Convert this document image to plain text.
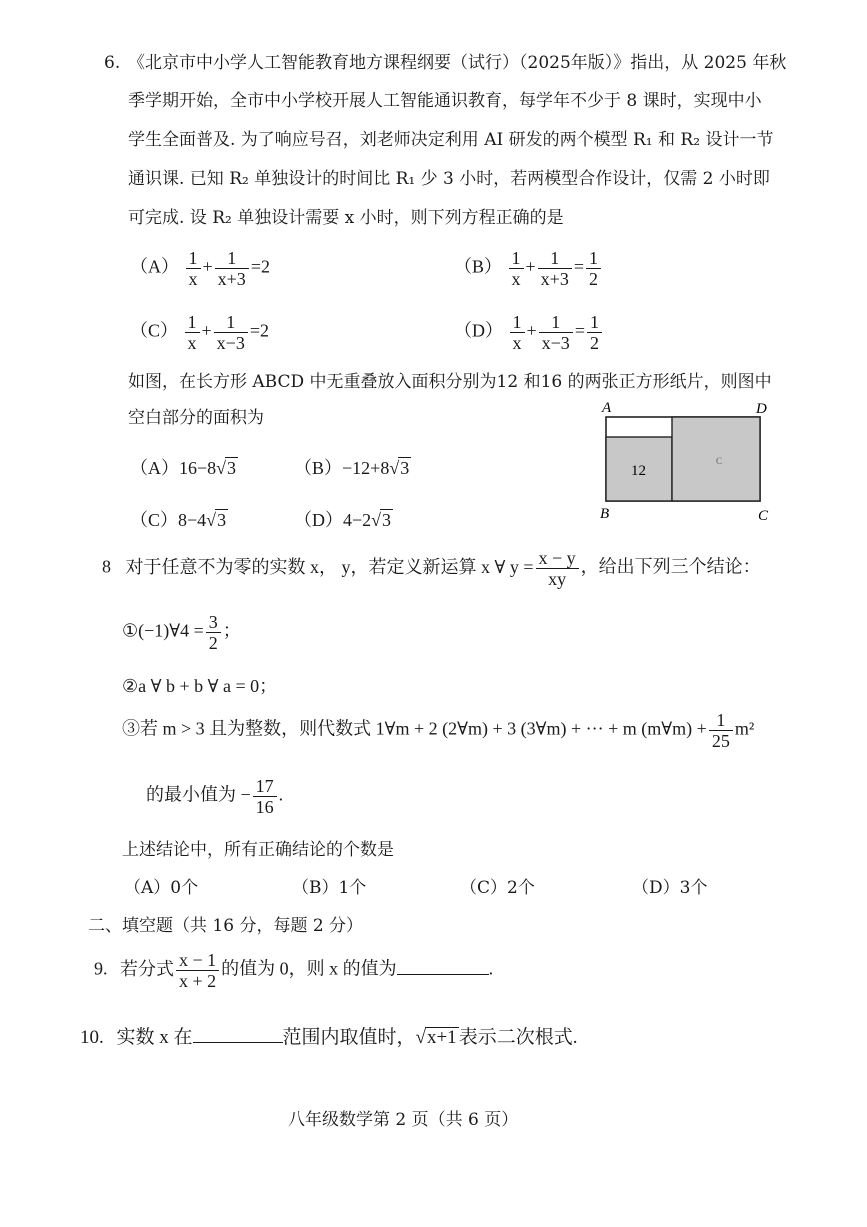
6. 《北京市中小学人工智能教育地方课程纲要（试行）（2025年版）》指出，从 2025 年秋
季学期开始，全市中小学校开展人工智能通识教育，每学年不少于 8 课时，实现中小
学生全面普及. 为了响应号召，刘老师决定利用 AI 研发的两个模型 R₁ 和 R₂ 设计一节
通识课. 已知 R₂ 单独设计的时间比 R₁ 少 3 小时，若两模型合作设计，仅需 2 小时即
可完成. 设 R₂ 单独设计需要 x 小时，则下列方程正确的是
$(A) \frac{1}{x} + \frac{1}{x+3} =2$	$(B) \frac{1}{x} + \frac{1}{x+3} = \frac{1}{2}$
$(C) \frac{1}{x} + \frac{1}{x-3} =2$	$(D) \frac{1}{x} + \frac{1}{x-3} = \frac{1}{2}$
如图，在长方形 ABCD 中无重叠放入面积分别为12 和16 的两张正方形纸片，则图中
空白部分的面积为
（A）16−8√3	（B）−12+8√3
（C）8−4√3	（D）4−2√3
A	D
B	C
12
C
8 对于任意不为零的实数 x， y，若定义新运算 x ∀ $y = \frac{x - y}{xy}$ ，给出下列三个结论：
①(−1)∀4 = $\frac{3}{2}$ ；
②a ∀ b + b ∀ a = 0；
③若 m > 3 且为整数，则代数式 1∀m + 2 (2∀m) + 3 (3∀m) + ··· + m (m∀m) + $\frac{1}{25} m^2$
的最小值为 − $\frac{17}{16}$ .
上述结论中，所有正确结论的个数是
（A）0个	（B）1个	（C）2个	（D）3个
二、填空题（共 16 分，每题 2 分）
9. 若分式 $\frac{x - 1}{x + 2}$ 的值为 0，则 x 的值为	.
10. 实数 x 在	范围内取值时，√x+1 表示二次根式.
八年级数学第 2 页（共 6 页）
